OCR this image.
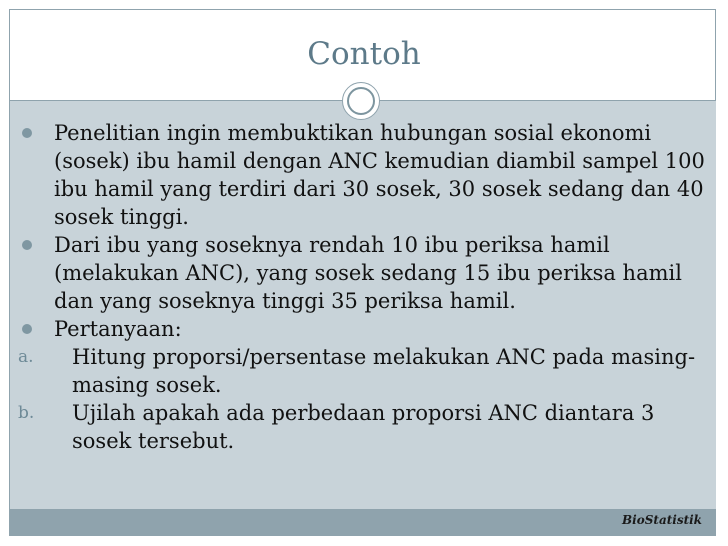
Contoh

Penelitian ingin membuktikan hubungan sosial ekonomi (sosek) ibu hamil dengan ANC kemudian diambil sampel 100 ibu hamil yang terdiri dari 30 sosek, 30 sosek sedang dan 40 sosek tinggi.

Dari ibu yang soseknya rendah 10 ibu periksa hamil (melakukan ANC), yang sosek sedang 15 ibu periksa hamil dan yang soseknya tinggi 35 periksa hamil.

Pertanyaan:

a.	Hitung proporsi/persentase melakukan ANC pada masing-masing sosek.

b.	Ujilah apakah ada perbedaan proporsi ANC diantara 3 sosek tersebut.

BioStatistik
